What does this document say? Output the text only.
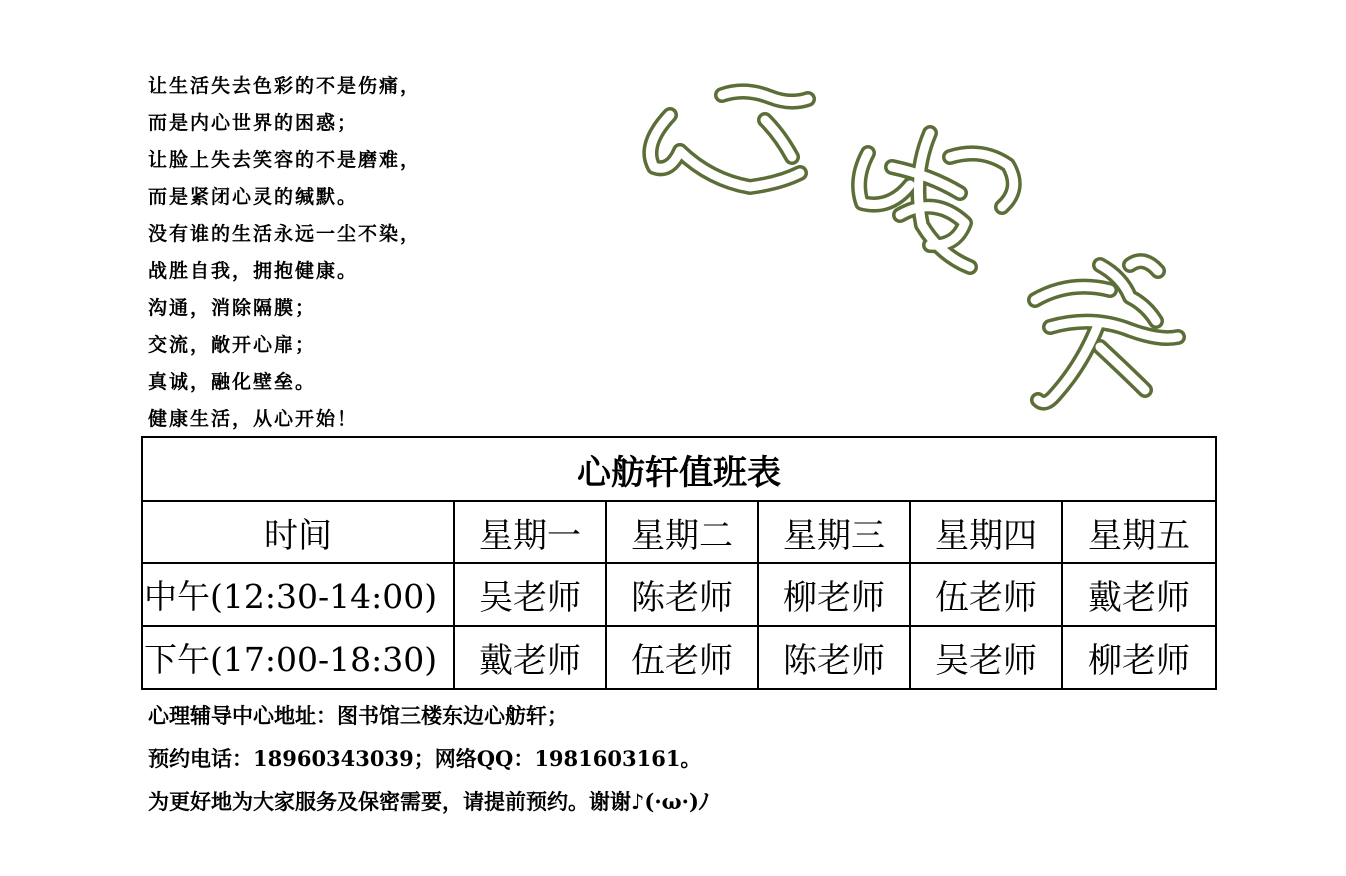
让生活失去色彩的不是伤痛，
而是内心世界的困惑；
让脸上失去笑容的不是磨难，
而是紧闭心灵的缄默。
没有谁的生活永远一尘不染，
战胜自我，拥抱健康。
沟通，消除隔膜；
交流，敞开心扉；
真诚，融化壁垒。
健康生活，从心开始！
心舫轩值班表					
时间	星期一	星期二	星期三	星期四	星期五
中午(12:30-14:00)	吴老师	陈老师	柳老师	伍老师	戴老师
下午(17:00-18:30)	戴老师	伍老师	陈老师	吴老师	柳老师
心理辅导中心地址：图书馆三楼东边心舫轩；
预约电话：18960343039；网络QQ：1981603161。
为更好地为大家服务及保密需要，请提前预约。谢谢♪(·ω·)ﾉ
